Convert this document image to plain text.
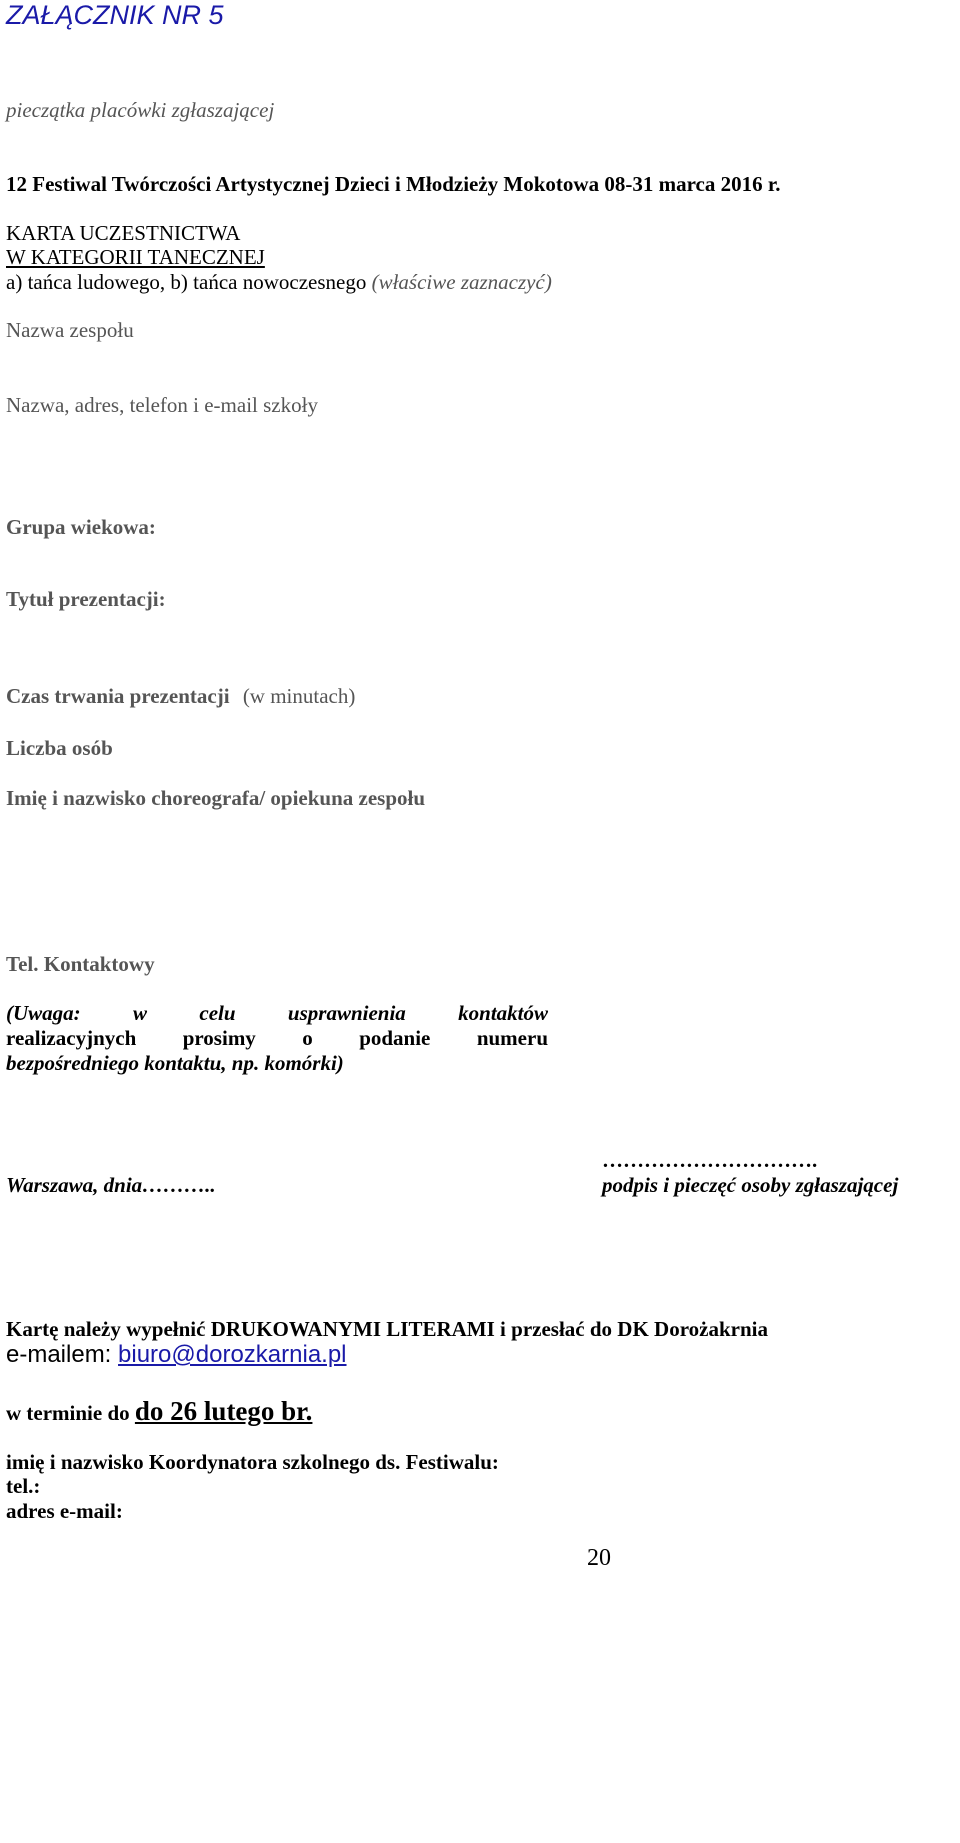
ZAŁĄCZNIK NR 5
pieczątka placówki zgłaszającej
12 Festiwal Twórczości Artystycznej Dzieci i Młodzieży Mokotowa 08-31 marca 2016 r.
KARTA UCZESTNICTWA
W KATEGORII TANECZNEJ
a) tańca ludowego, b) tańca nowoczesnego (właściwe zaznaczyć)
Nazwa zespołu
Nazwa, adres, telefon i e-mail szkoły
Grupa wiekowa:
Tytuł prezentacji:
Czas trwania prezentacji (w minutach)
Liczba osób
Imię i nazwisko choreografa/ opiekuna zespołu
Tel. Kontaktowy
(Uwaga: w celu usprawnienia kontaktów
realizacyjnych prosimy o podanie numeru
bezpośredniego kontaktu, np. komórki)
………………………….
Warszawa, dnia………..	podpis i pieczęć osoby zgłaszającej
Kartę należy wypełnić DRUKOWANYMI LITERAMI i przesłać do DK Dorożakrnia
e-mailem: biuro@dorozkarnia.pl
w terminie do do 26 lutego br.
imię i nazwisko Koordynatora szkolnego ds. Festiwalu:
tel.:
adres e-mail:
20
